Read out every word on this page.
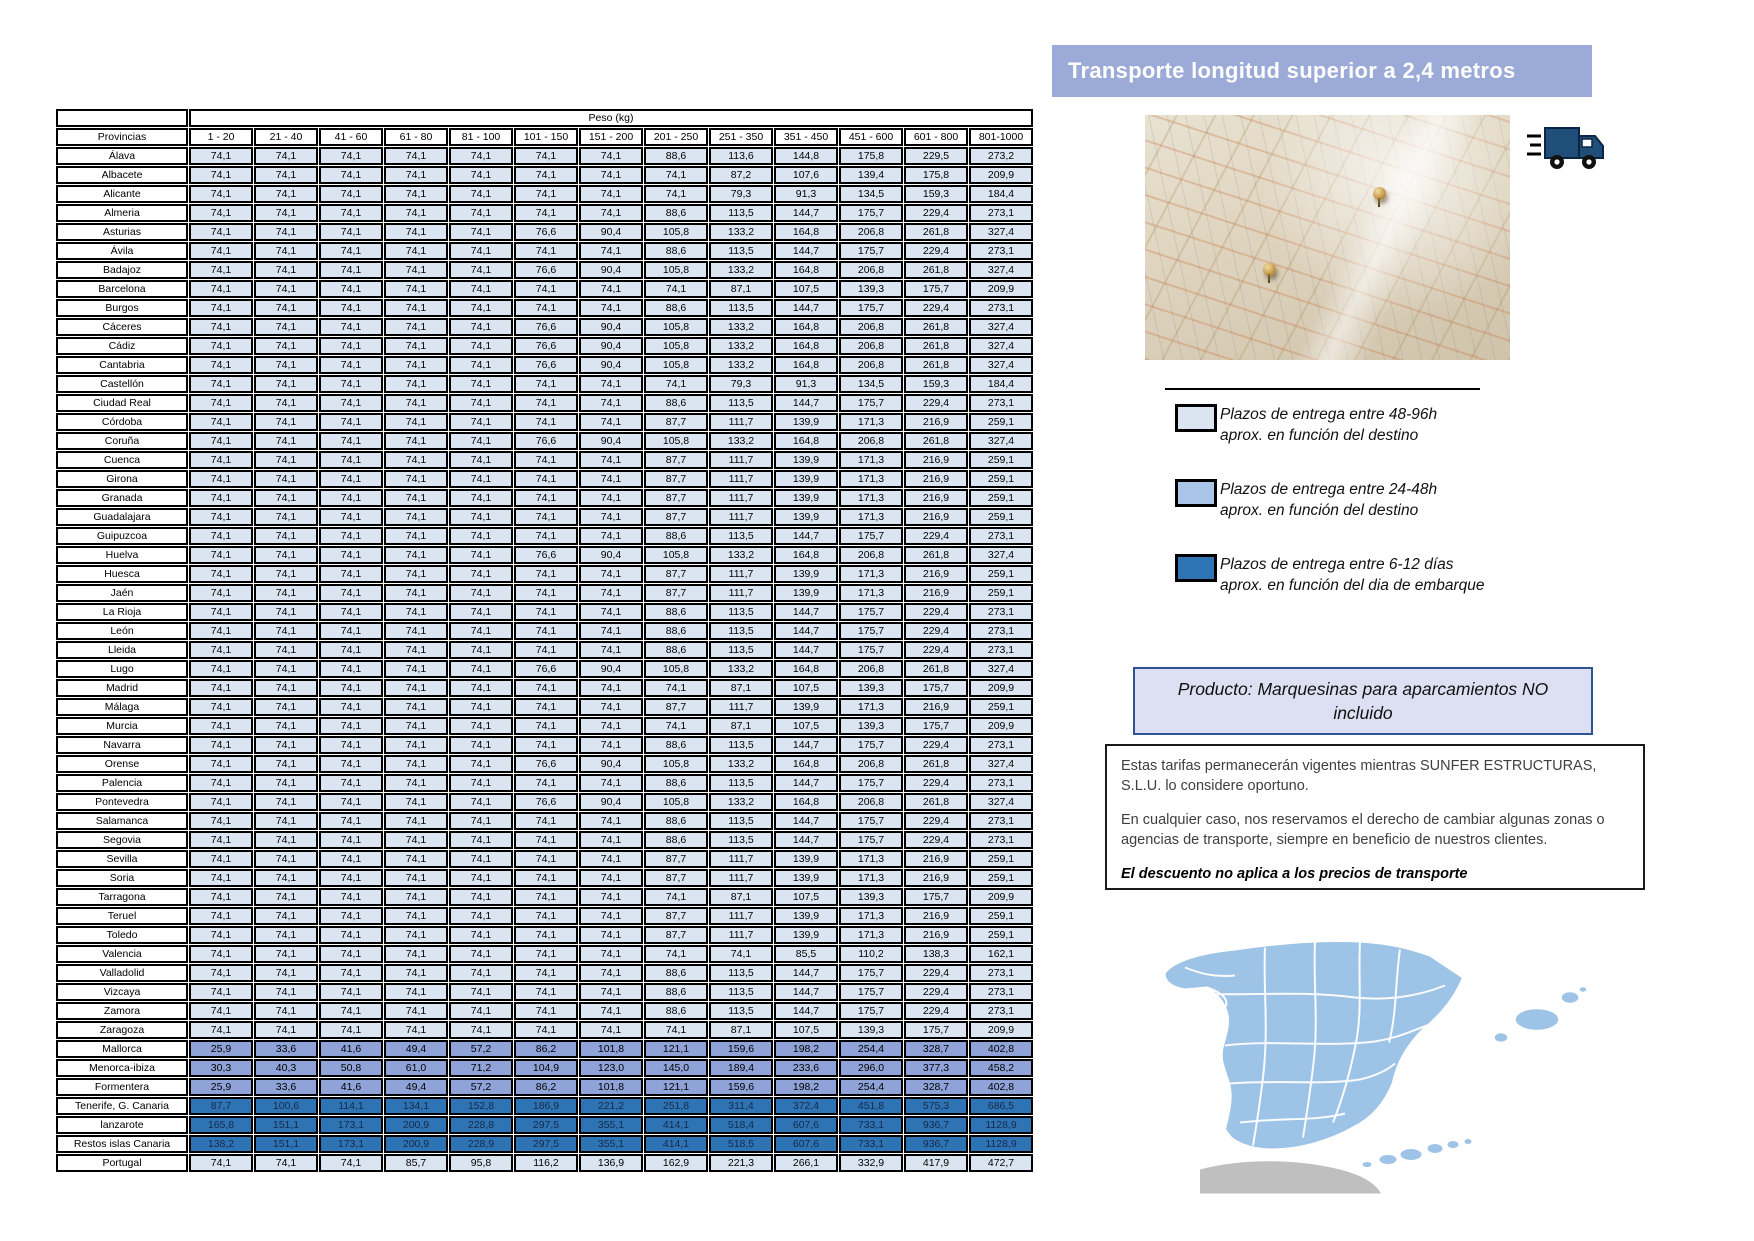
	Peso (kg)												
Provincias	1 - 20	21 - 40	41 - 60	61 - 80	81 - 100	101 - 150	151 - 200	201 - 250	251 - 350	351 - 450	451 - 600	601 - 800	801-1000
Álava	74,1	74,1	74,1	74,1	74,1	74,1	74,1	88,6	113,6	144,8	175,8	229,5	273,2
Albacete	74,1	74,1	74,1	74,1	74,1	74,1	74,1	74,1	87,2	107,6	139,4	175,8	209,9
Alicante	74,1	74,1	74,1	74,1	74,1	74,1	74,1	74,1	79,3	91,3	134,5	159,3	184,4
Almeria	74,1	74,1	74,1	74,1	74,1	74,1	74,1	88,6	113,5	144,7	175,7	229,4	273,1
Asturias	74,1	74,1	74,1	74,1	74,1	76,6	90,4	105,8	133,2	164,8	206,8	261,8	327,4
Ávila	74,1	74,1	74,1	74,1	74,1	74,1	74,1	88,6	113,5	144,7	175,7	229,4	273,1
Badajoz	74,1	74,1	74,1	74,1	74,1	76,6	90,4	105,8	133,2	164,8	206,8	261,8	327,4
Barcelona	74,1	74,1	74,1	74,1	74,1	74,1	74,1	74,1	87,1	107,5	139,3	175,7	209,9
Burgos	74,1	74,1	74,1	74,1	74,1	74,1	74,1	88,6	113,5	144,7	175,7	229,4	273,1
Cáceres	74,1	74,1	74,1	74,1	74,1	76,6	90,4	105,8	133,2	164,8	206,8	261,8	327,4
Cádiz	74,1	74,1	74,1	74,1	74,1	76,6	90,4	105,8	133,2	164,8	206,8	261,8	327,4
Cantabria	74,1	74,1	74,1	74,1	74,1	76,6	90,4	105,8	133,2	164,8	206,8	261,8	327,4
Castellón	74,1	74,1	74,1	74,1	74,1	74,1	74,1	74,1	79,3	91,3	134,5	159,3	184,4
Ciudad Real	74,1	74,1	74,1	74,1	74,1	74,1	74,1	88,6	113,5	144,7	175,7	229,4	273,1
Córdoba	74,1	74,1	74,1	74,1	74,1	74,1	74,1	87,7	111,7	139,9	171,3	216,9	259,1
Coruña	74,1	74,1	74,1	74,1	74,1	76,6	90,4	105,8	133,2	164,8	206,8	261,8	327,4
Cuenca	74,1	74,1	74,1	74,1	74,1	74,1	74,1	87,7	111,7	139,9	171,3	216,9	259,1
Girona	74,1	74,1	74,1	74,1	74,1	74,1	74,1	87,7	111,7	139,9	171,3	216,9	259,1
Granada	74,1	74,1	74,1	74,1	74,1	74,1	74,1	87,7	111,7	139,9	171,3	216,9	259,1
Guadalajara	74,1	74,1	74,1	74,1	74,1	74,1	74,1	87,7	111,7	139,9	171,3	216,9	259,1
Guipuzcoa	74,1	74,1	74,1	74,1	74,1	74,1	74,1	88,6	113,5	144,7	175,7	229,4	273,1
Huelva	74,1	74,1	74,1	74,1	74,1	76,6	90,4	105,8	133,2	164,8	206,8	261,8	327,4
Huesca	74,1	74,1	74,1	74,1	74,1	74,1	74,1	87,7	111,7	139,9	171,3	216,9	259,1
Jaén	74,1	74,1	74,1	74,1	74,1	74,1	74,1	87,7	111,7	139,9	171,3	216,9	259,1
La Rioja	74,1	74,1	74,1	74,1	74,1	74,1	74,1	88,6	113,5	144,7	175,7	229,4	273,1
León	74,1	74,1	74,1	74,1	74,1	74,1	74,1	88,6	113,5	144,7	175,7	229,4	273,1
Lleida	74,1	74,1	74,1	74,1	74,1	74,1	74,1	88,6	113,5	144,7	175,7	229,4	273,1
Lugo	74,1	74,1	74,1	74,1	74,1	76,6	90,4	105,8	133,2	164,8	206,8	261,8	327,4
Madrid	74,1	74,1	74,1	74,1	74,1	74,1	74,1	74,1	87,1	107,5	139,3	175,7	209,9
Málaga	74,1	74,1	74,1	74,1	74,1	74,1	74,1	87,7	111,7	139,9	171,3	216,9	259,1
Murcia	74,1	74,1	74,1	74,1	74,1	74,1	74,1	74,1	87,1	107,5	139,3	175,7	209,9
Navarra	74,1	74,1	74,1	74,1	74,1	74,1	74,1	88,6	113,5	144,7	175,7	229,4	273,1
Orense	74,1	74,1	74,1	74,1	74,1	76,6	90,4	105,8	133,2	164,8	206,8	261,8	327,4
Palencia	74,1	74,1	74,1	74,1	74,1	74,1	74,1	88,6	113,5	144,7	175,7	229,4	273,1
Pontevedra	74,1	74,1	74,1	74,1	74,1	76,6	90,4	105,8	133,2	164,8	206,8	261,8	327,4
Salamanca	74,1	74,1	74,1	74,1	74,1	74,1	74,1	88,6	113,5	144,7	175,7	229,4	273,1
Segovia	74,1	74,1	74,1	74,1	74,1	74,1	74,1	88,6	113,5	144,7	175,7	229,4	273,1
Sevilla	74,1	74,1	74,1	74,1	74,1	74,1	74,1	87,7	111,7	139,9	171,3	216,9	259,1
Soria	74,1	74,1	74,1	74,1	74,1	74,1	74,1	87,7	111,7	139,9	171,3	216,9	259,1
Tarragona	74,1	74,1	74,1	74,1	74,1	74,1	74,1	74,1	87,1	107,5	139,3	175,7	209,9
Teruel	74,1	74,1	74,1	74,1	74,1	74,1	74,1	87,7	111,7	139,9	171,3	216,9	259,1
Toledo	74,1	74,1	74,1	74,1	74,1	74,1	74,1	87,7	111,7	139,9	171,3	216,9	259,1
Valencia	74,1	74,1	74,1	74,1	74,1	74,1	74,1	74,1	74,1	85,5	110,2	138,3	162,1
Valladolid	74,1	74,1	74,1	74,1	74,1	74,1	74,1	88,6	113,5	144,7	175,7	229,4	273,1
Vizcaya	74,1	74,1	74,1	74,1	74,1	74,1	74,1	88,6	113,5	144,7	175,7	229,4	273,1
Zamora	74,1	74,1	74,1	74,1	74,1	74,1	74,1	88,6	113,5	144,7	175,7	229,4	273,1
Zaragoza	74,1	74,1	74,1	74,1	74,1	74,1	74,1	74,1	87,1	107,5	139,3	175,7	209,9
Mallorca	25,9	33,6	41,6	49,4	57,2	86,2	101,8	121,1	159,6	198,2	254,4	328,7	402,8
Menorca-ibiza	30,3	40,3	50,8	61,0	71,2	104,9	123,0	145,0	189,4	233,6	296,0	377,3	458,2
Formentera	25,9	33,6	41,6	49,4	57,2	86,2	101,8	121,1	159,6	198,2	254,4	328,7	402,8
Tenerife, G. Canaria	87,7	100,6	114,1	134,1	152,8	186,9	221,2	251,8	311,4	372,4	451,8	575,3	686,5
lanzarote	165,8	151,1	173,1	200,9	228,8	297,5	355,1	414,1	518,4	607,6	733,1	936,7	1128,9
Restos islas Canaria	138,2	151,1	173,1	200,9	228,9	297,5	355,1	414,1	518,5	607,6	733,1	936,7	1128,9
Portugal	74,1	74,1	74,1	85,7	95,8	116,2	136,9	162,9	221,3	266,1	332,9	417,9	472,7
Transporte longitud superior a 2,4 metros
Plazos de entrega entre 48-96h
aprox. en función del destino
Plazos de entrega entre 24-48h
aprox. en función del destino
Plazos de entrega entre 6-12 días
aprox. en función del dia de embarque
Producto: Marquesinas para aparcamientos NO incluido

Estas tarifas permanecerán vigentes mientras SUNFER ESTRUCTURAS, S.L.U. lo considere oportuno.

En cualquier caso, nos reservamos el derecho de cambiar algunas zonas o agencias de transporte, siempre en beneficio de nuestros clientes.

El descuento no aplica a los precios de transporte
